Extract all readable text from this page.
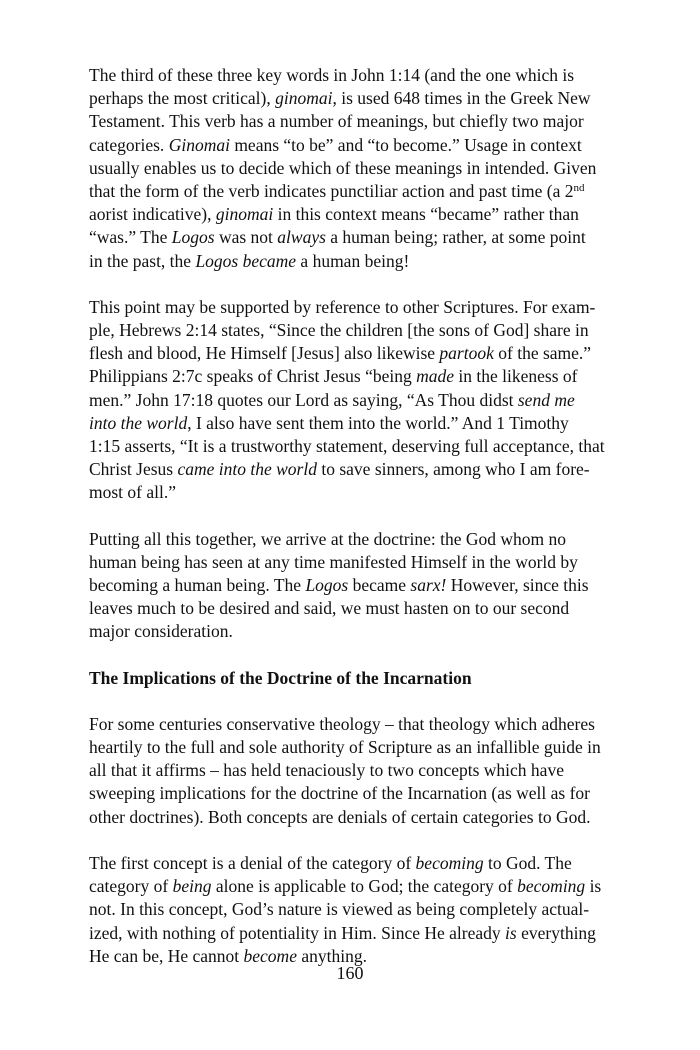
The third of these three key words in John 1:14 (and the one which is
perhaps the most critical), ginomai, is used 648 times in the Greek New
Testament. This verb has a number of meanings, but chiefly two major
categories. Ginomai means “to be” and “to become.” Usage in context
usually enables us to decide which of these meanings in intended. Given
that the form of the verb indicates punctiliar action and past time (a 2nd
aorist indicative), ginomai in this context means “became” rather than
“was.” The Logos was not always a human being; rather, at some point
in the past, the Logos became a human being!

This point may be supported by reference to other Scriptures. For exam-
ple, Hebrews 2:14 states, “Since the children [the sons of God] share in
flesh and blood, He Himself [Jesus] also likewise partook of the same.”
Philippians 2:7c speaks of Christ Jesus “being made in the likeness of
men.” John 17:18 quotes our Lord as saying, “As Thou didst send me
into the world, I also have sent them into the world.” And 1 Timothy
1:15 asserts, “It is a trustworthy statement, deserving full acceptance, that
Christ Jesus came into the world to save sinners, among who I am fore-
most of all.”

Putting all this together, we arrive at the doctrine: the God whom no
human being has seen at any time manifested Himself in the world by
becoming a human being. The Logos became sarx! However, since this
leaves much to be desired and said, we must hasten on to our second
major consideration.

The Implications of the Doctrine of the Incarnation

For some centuries conservative theology – that theology which adheres
heartily to the full and sole authority of Scripture as an infallible guide in
all that it affirms – has held tenaciously to two concepts which have
sweeping implications for the doctrine of the Incarnation (as well as for
other doctrines). Both concepts are denials of certain categories to God.

The first concept is a denial of the category of becoming to God. The
category of being alone is applicable to God; the category of becoming is
not. In this concept, God’s nature is viewed as being completely actual-
ized, with nothing of potentiality in Him. Since He already is everything
He can be, He cannot become anything.

160
